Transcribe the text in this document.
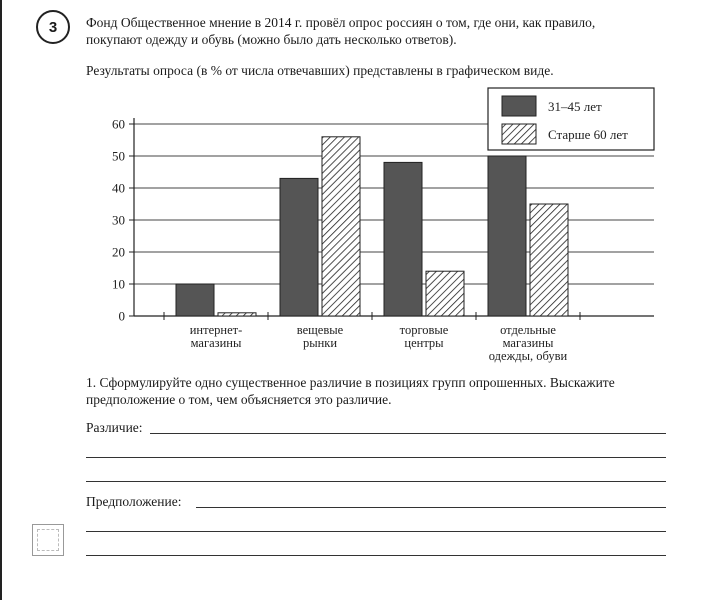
3 Фонд Общественное мнение в 2014 г. провёл опрос россиян о том, где они, как правило,
покупают одежду и обувь (можно было дать несколько ответов).
Результаты опроса (в % от числа отвечавших) представлены в графическом виде.
0
10
20
30
40
50
60
интернет-
магазины
вещевые
рынки
торговые
центры
отдельные
магазины
одежды, обуви
31–45 лет
Старше 60 лет
1. Сформулируйте одно существенное различие в позициях групп опрошенных. Выскажите
предположение о том, чем объясняется это различие.
Различие:
Предположение:
